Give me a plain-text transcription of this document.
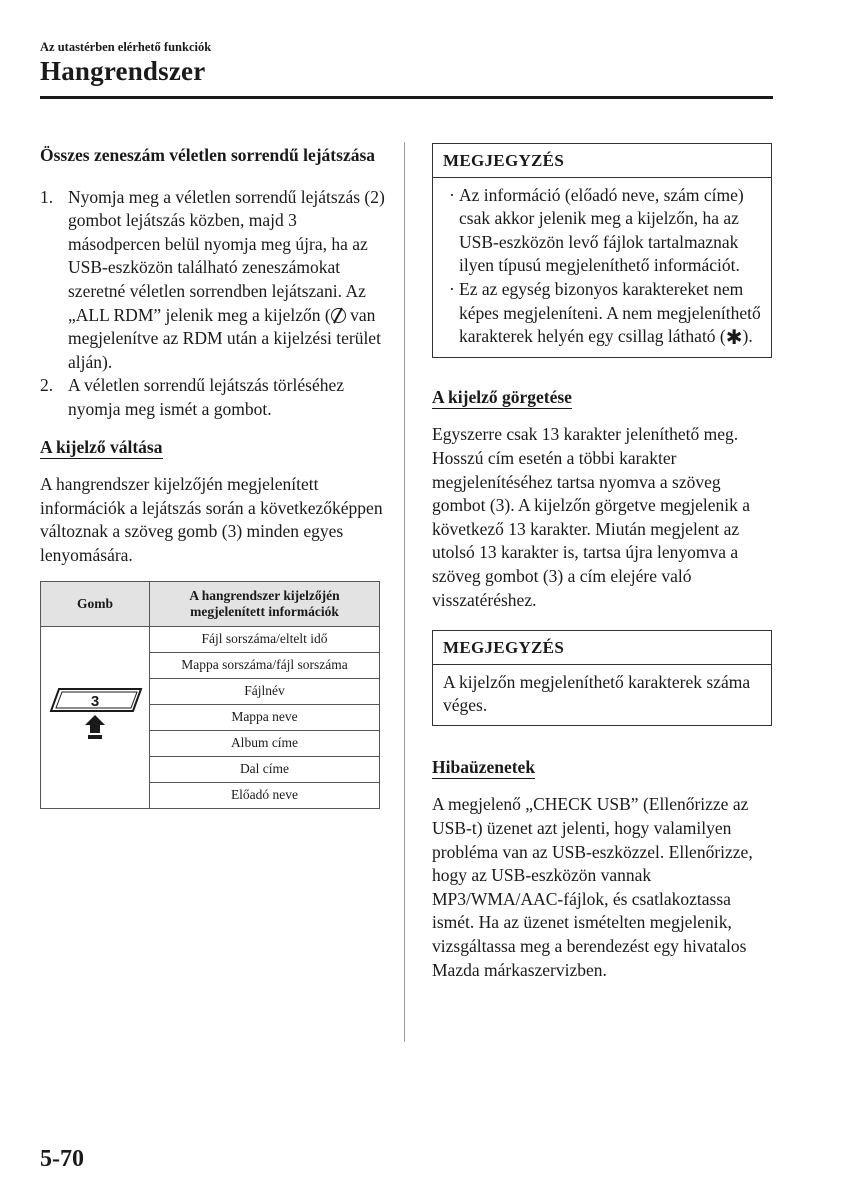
Az utastérben elérhető funkciók
Hangrendszer
Összes zeneszám véletlen sorrendű lejátszása
1. Nyomja meg a véletlen sorrendű lejátszás (2) gombot lejátszás közben, majd 3 másodpercen belül nyomja meg újra, ha az USB-eszközön található zeneszámokat szeretné véletlen sorrendben lejátszani. Az „ALL RDM” jelenik meg a kijelzőn ( van megjelenítve az RDM után a kijelzési terület alján).
2. A véletlen sorrendű lejátszás törléséhez nyomja meg ismét a gombot.
A kijelző váltása

A hangrendszer kijelzőjén megjelenített információk a lejátszás során a következőképpen változnak a szöveg gomb (3) minden egyes lenyomására.

Gomb	A hangrendszer kijelzőjén megjelenített információk

3	Fájl sorszáma/eltelt idő
	Mappa sorszáma/fájl sorszáma
	Fájlnév
	Mappa neve
	Album címe
	Dal címe
	Előadó neve
MEGJEGYZÉS
· Az információ (előadó neve, szám címe) csak akkor jelenik meg a kijelzőn, ha az USB-eszközön levő fájlok tartalmaznak ilyen típusú megjeleníthető információt.
· Ez az egység bizonyos karaktereket nem képes megjeleníteni. A nem megjeleníthető karakterek helyén egy csillag látható (✱).
A kijelző görgetése

Egyszerre csak 13 karakter jeleníthető meg. Hosszú cím esetén a többi karakter megjelenítéséhez tartsa nyomva a szöveg gombot (3). A kijelzőn görgetve megjelenik a következő 13 karakter. Miután megjelent az utolsó 13 karakter is, tartsa újra lenyomva a szöveg gombot (3) a cím elejére való visszatéréshez.

MEGJEGYZÉS
A kijelzőn megjeleníthető karakterek száma véges.
Hibaüzenetek

A megjelenő „CHECK USB” (Ellenőrizze az USB-t) üzenet azt jelenti, hogy valamilyen probléma van az USB-eszközzel. Ellenőrizze, hogy az USB-eszközön vannak MP3/WMA/AAC-fájlok, és csatlakoztassa ismét. Ha az üzenet ismételten megjelenik, vizsgáltassa meg a berendezést egy hivatalos Mazda márkaszervizben.

5-70
